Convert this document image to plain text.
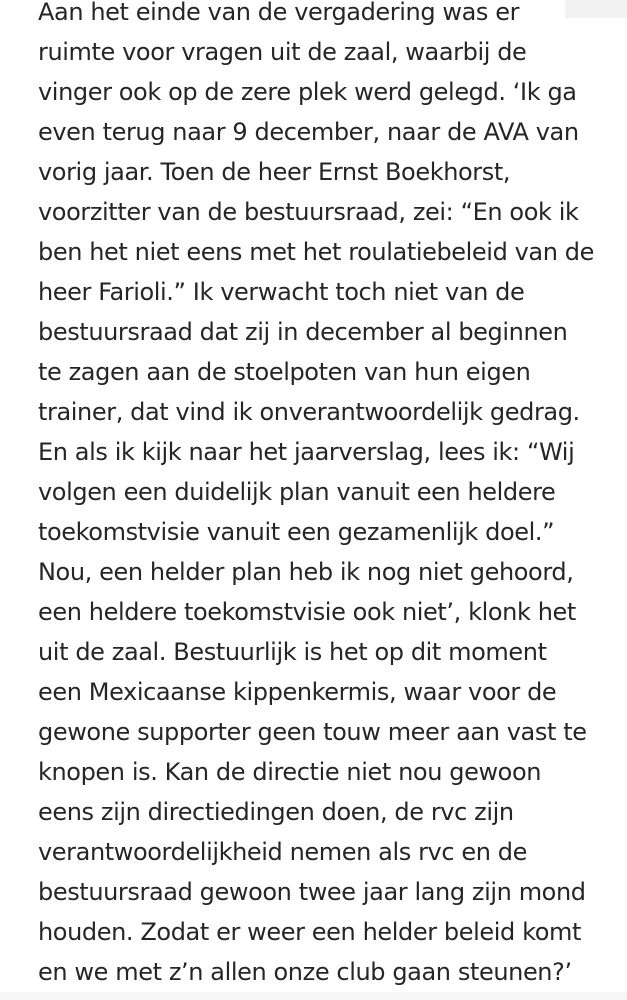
Aan het einde van de vergadering was er
ruimte voor vragen uit de zaal, waarbij de
vinger ook op de zere plek werd gelegd. ‘Ik ga
even terug naar 9 december, naar de AVA van
vorig jaar. Toen de heer Ernst Boekhorst,
voorzitter van de bestuursraad, zei: “En ook ik
ben het niet eens met het roulatiebeleid van de
heer Farioli.” Ik verwacht toch niet van de
bestuursraad dat zij in december al beginnen
te zagen aan de stoelpoten van hun eigen
trainer, dat vind ik onverantwoordelijk gedrag.
En als ik kijk naar het jaarverslag, lees ik: “Wij
volgen een duidelijk plan vanuit een heldere
toekomstvisie vanuit een gezamenlijk doel.”
Nou, een helder plan heb ik nog niet gehoord,
een heldere toekomstvisie ook niet’, klonk het
uit de zaal. Bestuurlijk is het op dit moment
een Mexicaanse kippenkermis, waar voor de
gewone supporter geen touw meer aan vast te
knopen is. Kan de directie niet nou gewoon
eens zijn directiedingen doen, de rvc zijn
verantwoordelijkheid nemen als rvc en de
bestuursraad gewoon twee jaar lang zijn mond
houden. Zodat er weer een helder beleid komt
en we met z’n allen onze club gaan steunen?’
